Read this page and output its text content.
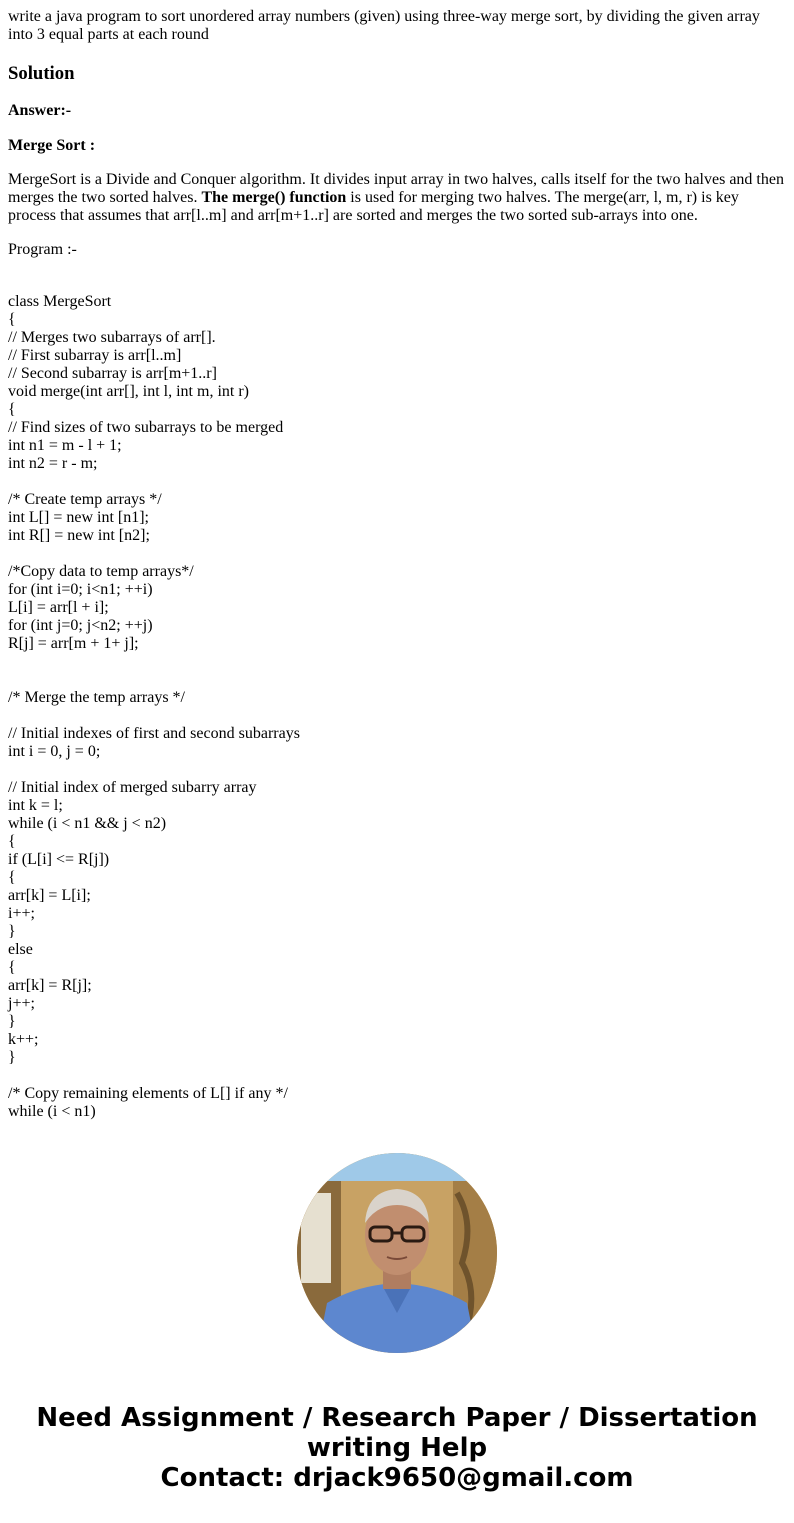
write a java program to sort unordered array numbers (given) using three-way merge sort, by dividing the given array into 3 equal parts at each round

Solution

Answer:-

Merge Sort :

MergeSort is a Divide and Conquer algorithm. It divides input array in two halves, calls itself for the two halves and then merges the two sorted halves. The merge() function is used for merging two halves. The merge(arr, l, m, r) is key process that assumes that arr[l..m] and arr[m+1..r] are sorted and merges the two sorted sub-arrays into one.

Program :-

class MergeSort
{
// Merges two subarrays of arr[].
// First subarray is arr[l..m]
// Second subarray is arr[m+1..r]
void merge(int arr[], int l, int m, int r)
{
// Find sizes of two subarrays to be merged
int n1 = m - l + 1;
int n2 = r - m;
/* Create temp arrays */
int L[] = new int [n1];
int R[] = new int [n2];
/*Copy data to temp arrays*/
for (int i=0; i<n1; ++i)
L[i] = arr[l + i];
for (int j=0; j<n2; ++j)
R[j] = arr[m + 1+ j];
/* Merge the temp arrays */
// Initial indexes of first and second subarrays
int i = 0, j = 0;
// Initial index of merged subarry array
int k = l;
while (i < n1 && j < n2)
{
if (L[i] <= R[j])
{
arr[k] = L[i];
i++;
}
else
{
arr[k] = R[j];
j++;
}
k++;
}
/* Copy remaining elements of L[] if any */
while (i < n1)
Need Assignment / Research Paper / Dissertation
writing Help
Contact: drjack9650@gmail.com
